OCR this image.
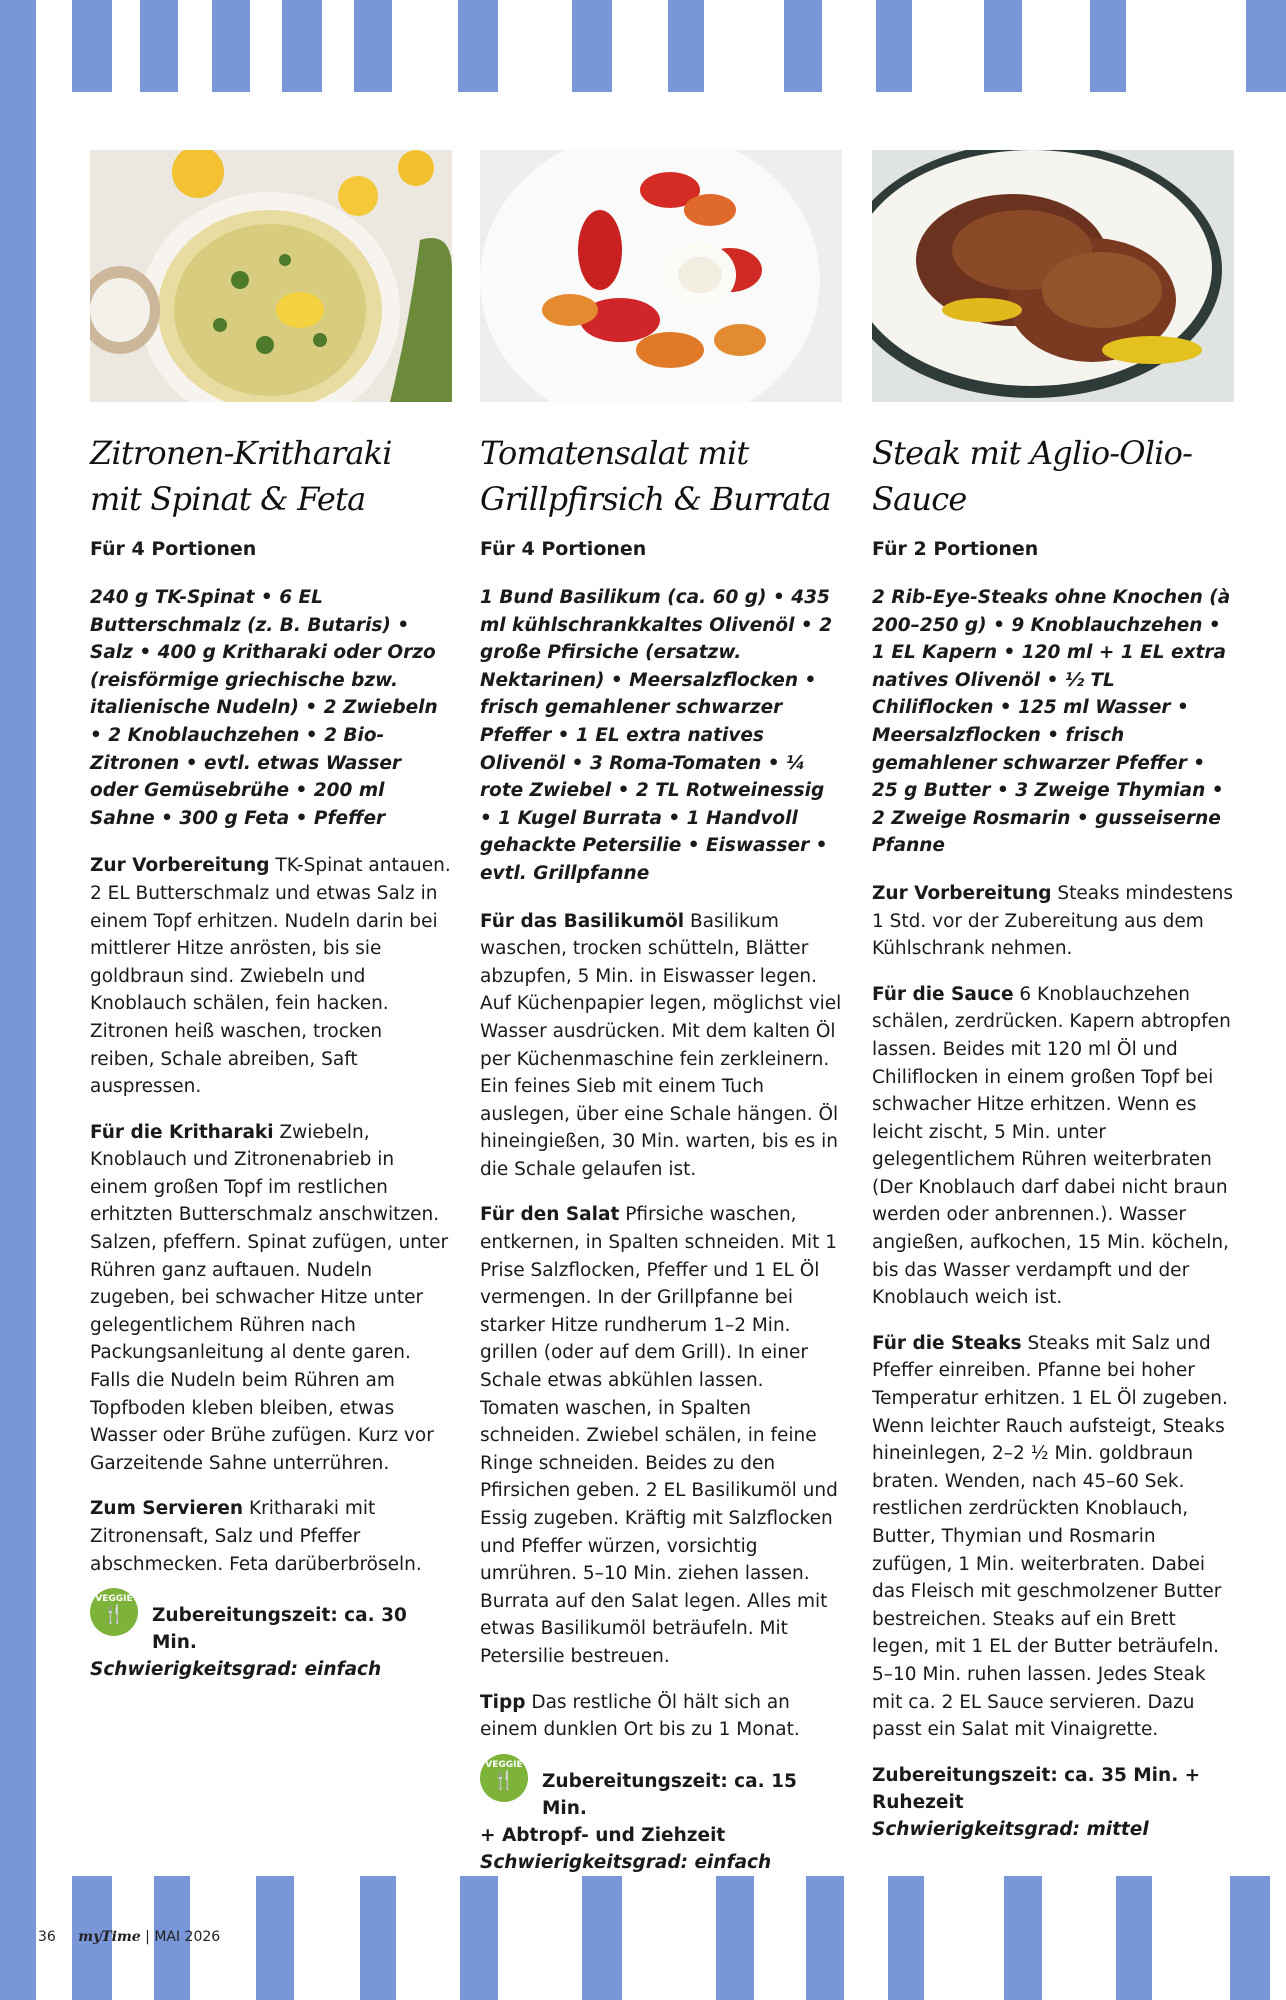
Zitronen-Kritharaki
mit Spinat & Feta
Für 4 Portionen
240 g TK-Spinat • 6 EL Butterschmalz (z. B. Butaris) • Salz • 400 g Kritharaki oder Orzo (reisförmige griechische bzw. italienische Nudeln) • 2 Zwiebeln • 2 Knoblauchzehen • 2 Bio-Zitronen • evtl. etwas Wasser oder Gemüsebrühe • 200 ml Sahne • 300 g Feta • Pfeffer
Zur Vorbereitung TK-Spinat antauen. 2 EL Butterschmalz und etwas Salz in einem Topf erhitzen. Nudeln darin bei mittlerer Hitze anrösten, bis sie goldbraun sind. Zwiebeln und Knoblauch schälen, fein hacken. Zitronen heiß waschen, trocken reiben, Schale abreiben, Saft auspressen.
Für die Kritharaki Zwiebeln, Knoblauch und Zitronenabrieb in einem großen Topf im restlichen erhitzten Butterschmalz anschwitzen. Salzen, pfeffern. Spinat zufügen, unter Rühren ganz auftauen. Nudeln zugeben, bei schwacher Hitze unter gelegentlichem Rühren nach Packungsanleitung al dente garen. Falls die Nudeln beim Rühren am Topfboden kleben bleiben, etwas Wasser oder Brühe zufügen. Kurz vor Garzeitende Sahne unterrühren.
Zum Servieren Kritharaki mit Zitronensaft, Salz und Pfeffer abschmecken. Feta darüberbröseln.
VEGGIE
🍴	Zubereitungszeit: ca. 30 Min.
Schwierigkeitsgrad: einfach
Tomatensalat mit
Grillpfirsich & Burrata
Für 4 Portionen
1 Bund Basilikum (ca. 60 g) • 435 ml kühlschrankkaltes Olivenöl • 2 große Pfirsiche (ersatzw. Nektarinen) • Meersalzflocken • frisch gemahlener schwarzer Pfeffer • 1 EL extra natives Olivenöl • 3 Roma-Tomaten • ¼ rote Zwiebel • 2 TL Rotweinessig • 1 Kugel Burrata • 1 Handvoll gehackte Petersilie • Eiswasser • evtl. Grillpfanne
Für das Basilikumöl Basilikum waschen, trocken schütteln, Blätter abzupfen, 5 Min. in Eiswasser legen. Auf Küchenpapier legen, möglichst viel Wasser ausdrücken. Mit dem kalten Öl per Küchenmaschine fein zerkleinern. Ein feines Sieb mit einem Tuch auslegen, über eine Schale hängen. Öl hineingießen, 30 Min. warten, bis es in die Schale gelaufen ist.
Für den Salat Pfirsiche waschen, entkernen, in Spalten schneiden. Mit 1 Prise Salzflocken, Pfeffer und 1 EL Öl vermengen. In der Grillpfanne bei starker Hitze rundherum 1–2 Min. grillen (oder auf dem Grill). In einer Schale etwas abkühlen lassen. Tomaten waschen, in Spalten schneiden. Zwiebel schälen, in feine Ringe schneiden. Beides zu den Pfirsichen geben. 2 EL Basilikumöl und Essig zugeben. Kräftig mit Salzflocken und Pfeffer würzen, vorsichtig umrühren. 5–10 Min. ziehen lassen. Burrata auf den Salat legen. Alles mit etwas Basilikumöl beträufeln. Mit Petersilie bestreuen.
Tipp Das restliche Öl hält sich an einem dunklen Ort bis zu 1 Monat.
VEGGIE
🍴	Zubereitungszeit: ca. 15 Min.
+ Abtropf- und Ziehzeit
Schwierigkeitsgrad: einfach
Steak mit Aglio-Olio-Sauce
Für 2 Portionen
2 Rib-Eye-Steaks ohne Knochen (à 200–250 g) • 9 Knoblauchzehen • 1 EL Kapern • 120 ml + 1 EL extra natives Olivenöl • ½ TL Chiliflocken • 125 ml Wasser • Meersalzflocken • frisch gemahlener schwarzer Pfeffer • 25 g Butter • 3 Zweige Thymian • 2 Zweige Rosmarin • gusseiserne Pfanne
Zur Vorbereitung Steaks mindestens 1 Std. vor der Zubereitung aus dem Kühlschrank nehmen.
Für die Sauce 6 Knoblauchzehen schälen, zerdrücken. Kapern abtropfen lassen. Beides mit 120 ml Öl und Chiliflocken in einem großen Topf bei schwacher Hitze erhitzen. Wenn es leicht zischt, 5 Min. unter gelegentlichem Rühren weiterbraten (Der Knoblauch darf dabei nicht braun werden oder anbrennen.). Wasser angießen, aufkochen, 15 Min. köcheln, bis das Wasser verdampft und der Knoblauch weich ist.
Für die Steaks Steaks mit Salz und Pfeffer einreiben. Pfanne bei hoher Temperatur erhitzen. 1 EL Öl zugeben. Wenn leichter Rauch aufsteigt, Steaks hineinlegen, 2–2 ½ Min. goldbraun braten. Wenden, nach 45–60 Sek. restlichen zerdrückten Knoblauch, Butter, Thymian und Rosmarin zufügen, 1 Min. weiterbraten. Dabei das Fleisch mit geschmolzener Butter bestreichen. Steaks auf ein Brett legen, mit 1 EL der Butter beträufeln. 5–10 Min. ruhen lassen. Jedes Steak mit ca. 2 EL Sauce servieren. Dazu passt ein Salat mit Vinaigrette.
Zubereitungszeit: ca. 35 Min. +
Ruhezeit
Schwierigkeitsgrad: mittel
36 myTime | MAI 2026
